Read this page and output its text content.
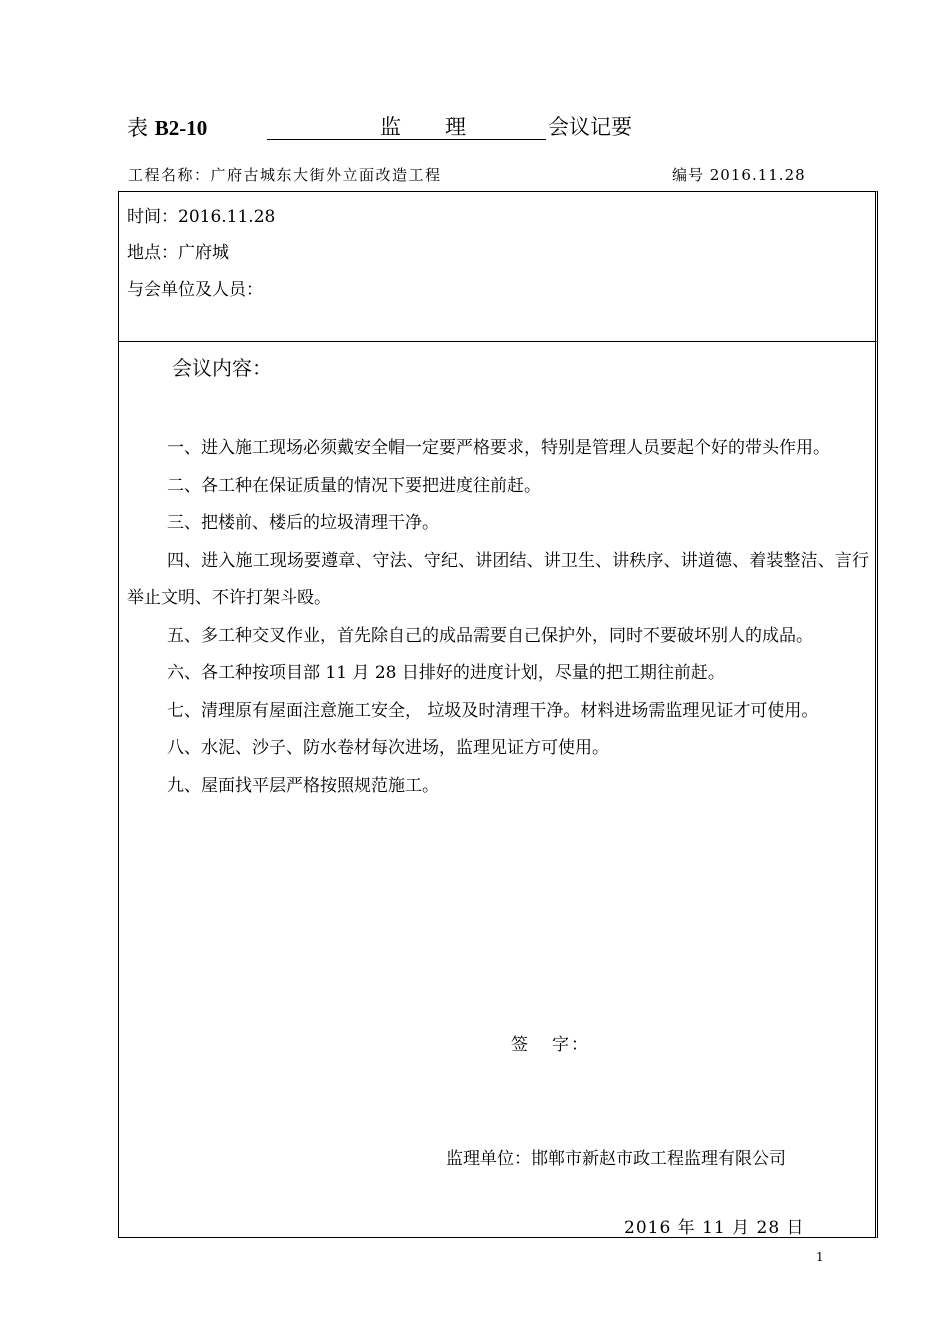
表 B2-10	监 理	会议记要
工程名称：广府古城东大街外立面改造工程	编号 2016.11.28
时间：2016.11.28
地点：广府城
与会单位及人员：
会议内容：

一、进入施工现场必须戴安全帽一定要严格要求，特别是管理人员要起个好的带头作用。

二、各工种在保证质量的情况下要把进度往前赶。

三、把楼前、楼后的垃圾清理干净。

四、进入施工现场要遵章、守法、守纪、讲团结、讲卫生、讲秩序、讲道德、着装整洁、言行举止文明、不许打架斗殴。

五、多工种交叉作业，首先除自己的成品需要自己保护外，同时不要破坏别人的成品。

六、各工种按项目部 11 月 28 日排好的进度计划，尽量的把工期往前赶。

七、清理原有屋面注意施工安全， 垃圾及时清理干净。材料进场需监理见证才可使用。

八、水泥、沙子、防水卷材每次进场，监理见证方可使用。

九、屋面找平层严格按照规范施工。

签 字：
监理单位：邯郸市新赵市政工程监理有限公司
2016 年 11 月 28 日
1
